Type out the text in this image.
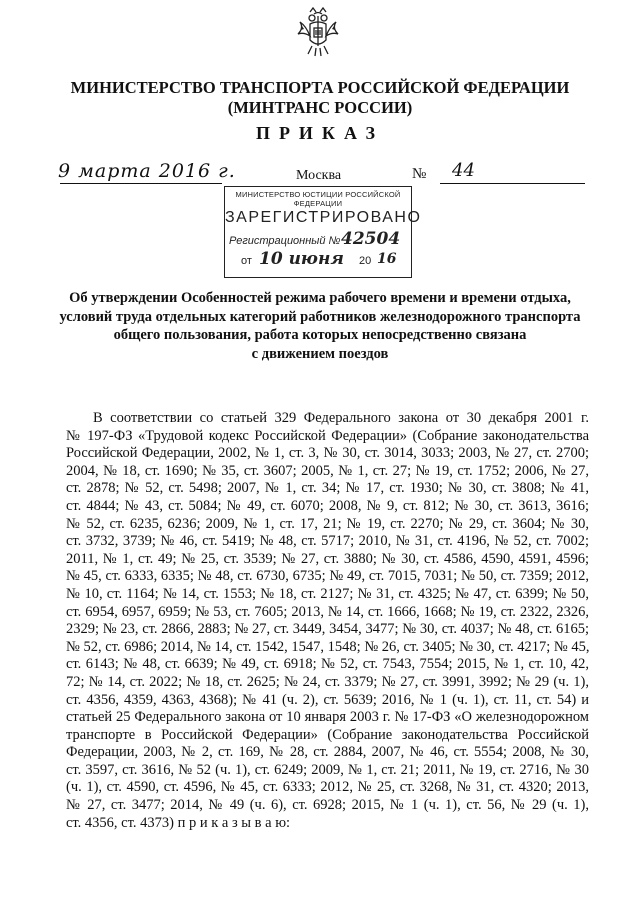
МИНИСТЕРСТВО ТРАНСПОРТА РОССИЙСКОЙ ФЕДЕРАЦИИ
(МИНТРАНС РОССИИ)
ПРИКАЗ
9 марта 2016 г.	Москва	№ 44
МИНИСТЕРСТВО ЮСТИЦИИ РОССИЙСКОЙ ФЕДЕРАЦИИ
ЗАРЕГИСТРИРОВАНО
Регистрационный № 42504
от 10 июня 20 16
Об утверждении Особенностей режима рабочего времени и времени отдыха,
условий труда отдельных категорий работников железнодорожного транспорта
общего пользования, работа которых непосредственно связана
с движением поездов
В соответствии со статьей 329 Федерального закона от 30 декабря 2001 г.
№ 197-ФЗ «Трудовой кодекс Российской Федерации» (Собрание законодательства
Российской Федерации, 2002, № 1, ст. 3, № 30, ст. 3014, 3033; 2003, № 27, ст. 2700;
2004, № 18, ст. 1690; № 35, ст. 3607; 2005, № 1, ст. 27; № 19, ст. 1752; 2006, № 27,
ст. 2878; № 52, ст. 5498; 2007, № 1, ст. 34; № 17, ст. 1930; № 30, ст. 3808; № 41,
ст. 4844; № 43, ст. 5084; № 49, ст. 6070; 2008, № 9, ст. 812; № 30, ст. 3613, 3616;
№ 52, ст. 6235, 6236; 2009, № 1, ст. 17, 21; № 19, ст. 2270; № 29, ст. 3604; № 30,
ст. 3732, 3739; № 46, ст. 5419; № 48, ст. 5717; 2010, № 31, ст. 4196, № 52, ст. 7002;
2011, № 1, ст. 49; № 25, ст. 3539; № 27, ст. 3880; № 30, ст. 4586, 4590, 4591, 4596;
№ 45, ст. 6333, 6335; № 48, ст. 6730, 6735; № 49, ст. 7015, 7031; № 50, ст. 7359; 2012,
№ 10, ст. 1164; № 14, ст. 1553; № 18, ст. 2127; № 31, ст. 4325; № 47, ст. 6399; № 50,
ст. 6954, 6957, 6959; № 53, ст. 7605; 2013, № 14, ст. 1666, 1668; № 19, ст. 2322, 2326,
2329; № 23, ст. 2866, 2883; № 27, ст. 3449, 3454, 3477; № 30, ст. 4037; № 48, ст. 6165;
№ 52, ст. 6986; 2014, № 14, ст. 1542, 1547, 1548; № 26, ст. 3405; № 30, ст. 4217; № 45,
ст. 6143; № 48, ст. 6639; № 49, ст. 6918; № 52, ст. 7543, 7554; 2015, № 1, ст. 10, 42,
72; № 14, ст. 2022; № 18, ст. 2625; № 24, ст. 3379; № 27, ст. 3991, 3992; № 29 (ч. 1),
ст. 4356, 4359, 4363, 4368); № 41 (ч. 2), ст. 5639; 2016, № 1 (ч. 1), ст. 11, ст. 54) и
статьей 25 Федерального закона от 10 января 2003 г. № 17-ФЗ «О железнодорожном
транспорте в Российской Федерации» (Собрание законодательства Российской
Федерации, 2003, № 2, ст. 169, № 28, ст. 2884, 2007, № 46, ст. 5554; 2008, № 30,
ст. 3597, ст. 3616, № 52 (ч. 1), ст. 6249; 2009, № 1, ст. 21; 2011, № 19, ст. 2716, № 30
(ч. 1), ст. 4590, ст. 4596, № 45, ст. 6333; 2012, № 25, ст. 3268, № 31, ст. 4320; 2013,
№ 27, ст. 3477; 2014, № 49 (ч. 6), ст. 6928; 2015, № 1 (ч. 1), ст. 56, № 29 (ч. 1),
ст. 4356, ст. 4373) п р и к а з ы в а ю:
